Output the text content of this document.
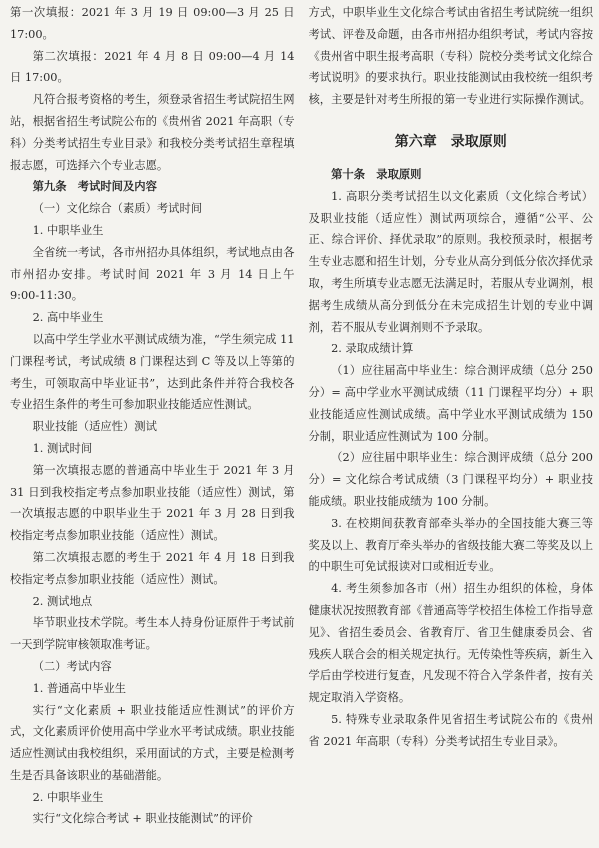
第一次填报：2021 年 3 月 19 日 09:00—3 月 25 日 17:00。

第二次填报：2021 年 4 月 8 日 09:00—4 月 14 日 17:00。

凡符合报考资格的考生，须登录省招生考试院招生网站，根据省招生考试院公布的《贵州省 2021 年高职（专科）分类考试招生专业目录》和我校分类考试招生章程填报志愿，可选择六个专业志愿。

第九条　考试时间及内容

（一）文化综合（素质）考试时间

1. 中职毕业生

全省统一考试，各市州招办具体组织，考试地点由各市州招办安排。考试时间 2021 年 3 月 14 日上午 9:00-11:30。

2. 高中毕业生

以高中学生学业水平测试成绩为准，“学生须完成 11 门课程考试，考试成绩 8 门课程达到 C 等及以上等第的考生，可领取高中毕业证书”，达到此条件并符合我校各专业招生条件的考生可参加职业技能适应性测试。

职业技能（适应性）测试

1. 测试时间

第一次填报志愿的普通高中毕业生于 2021 年 3 月 31 日到我校指定考点参加职业技能（适应性）测试，第一次填报志愿的中职毕业生于 2021 年 3 月 28 日到我校指定考点参加职业技能（适应性）测试。

第二次填报志愿的考生于 2021 年 4 月 18 日到我校指定考点参加职业技能（适应性）测试。

2. 测试地点

毕节职业技术学院。考生本人持身份证原件于考试前一天到学院审核领取准考证。

（二）考试内容

1. 普通高中毕业生

实行“文化素质 + 职业技能适应性测试”的评价方式，文化素质评价使用高中学业水平考试成绩。职业技能适应性测试由我校组织，采用面试的方式，主要是检测考生是否具备该职业的基础潜能。

2. 中职毕业生

实行“文化综合考试 + 职业技能测试”的评价

方式，中职毕业生文化综合考试由省招生考试院统一组织考试、评卷及命题，由各市州招办组织考试，考试内容按《贵州省中职生报考高职（专科）院校分类考试文化综合考试说明》的要求执行。职业技能测试由我校统一组织考核，主要是针对考生所报的第一专业进行实际操作测试。

第六章　录取原则

第十条　录取原则

1. 高职分类考试招生以文化素质（文化综合考试）及职业技能（适应性）测试两项综合，遵循“公平、公正、综合评价、择优录取”的原则。我校预录时，根据考生专业志愿和招生计划，分专业从高分到低分依次择优录取，考生所填专业志愿无法满足时，若服从专业调剂，根据考生成绩从高分到低分在未完成招生计划的专业中调剂，若不服从专业调剂则不予录取。

2. 录取成绩计算

（1）应往届高中毕业生：综合测评成绩（总分 250 分）= 高中学业水平测试成绩（11 门课程平均分）+ 职业技能适应性测试成绩。高中学业水平测试成绩为 150 分制，职业适应性测试为 100 分制。

（2）应往届中职毕业生：综合测评成绩（总分 200 分）= 文化综合考试成绩（3 门课程平均分）+ 职业技能成绩。职业技能成绩为 100 分制。

3. 在校期间获教育部牵头举办的全国技能大赛三等奖及以上、教育厅牵头举办的省级技能大赛二等奖及以上的中职生可免试报读对口或相近专业。

4. 考生须参加各市（州）招生办组织的体检，身体健康状况按照教育部《普通高等学校招生体检工作指导意见》、省招生委员会、省教育厅、省卫生健康委员会、省残疾人联合会的相关规定执行。无传染性等疾病，新生入学后由学校进行复查，凡发现不符合入学条件者，按有关规定取消入学资格。

5. 特殊专业录取条件见省招生考试院公布的《贵州省 2021 年高职（专科）分类考试招生专业目录》。
